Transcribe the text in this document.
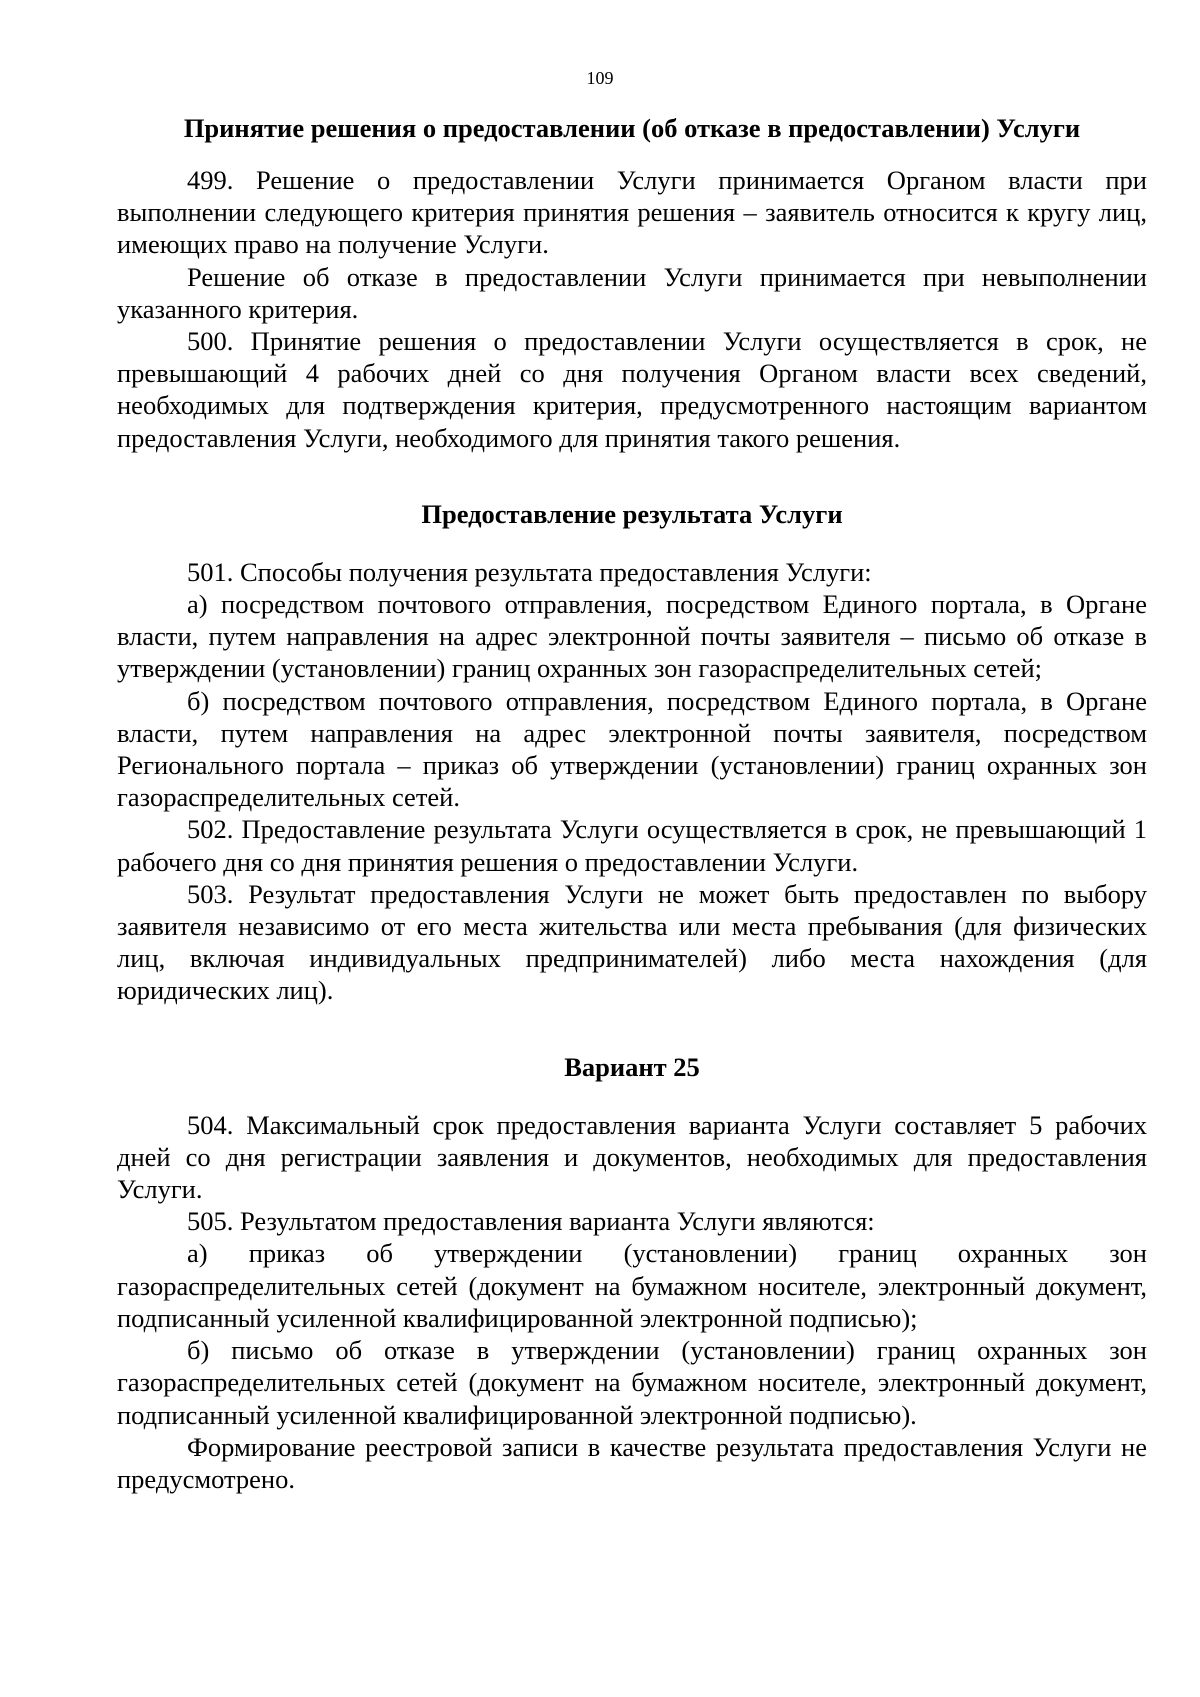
109
Принятие решения о предоставлении (об отказе в предоставлении) Услуги

499. Решение о предоставлении Услуги принимается Органом власти при выполнении следующего критерия принятия решения – заявитель относится к кругу лиц, имеющих право на получение Услуги.

Решение об отказе в предоставлении Услуги принимается при невыполнении указанного критерия.

500. Принятие решения о предоставлении Услуги осуществляется в срок, не превышающий 4 рабочих дней со дня получения Органом власти всех сведений, необходимых для подтверждения критерия, предусмотренного настоящим вариантом предоставления Услуги, необходимого для принятия такого решения.

Предоставление результата Услуги

501. Способы получения результата предоставления Услуги:

а) посредством почтового отправления, посредством Единого портала, в Органе власти, путем направления на адрес электронной почты заявителя – письмо об отказе в утверждении (установлении) границ охранных зон газораспределительных сетей;

б) посредством почтового отправления, посредством Единого портала, в Органе власти, путем направления на адрес электронной почты заявителя, посредством Регионального портала – приказ об утверждении (установлении) границ охранных зон газораспределительных сетей.

502. Предоставление результата Услуги осуществляется в срок, не превышающий 1 рабочего дня со дня принятия решения о предоставлении Услуги.

503. Результат предоставления Услуги не может быть предоставлен по выбору заявителя независимо от его места жительства или места пребывания (для физических лиц, включая индивидуальных предпринимателей) либо места нахождения (для юридических лиц).

Вариант 25

504. Максимальный срок предоставления варианта Услуги составляет 5 рабочих дней со дня регистрации заявления и документов, необходимых для предоставления Услуги.

505. Результатом предоставления варианта Услуги являются:

а) приказ об утверждении (установлении) границ охранных зон газораспределительных сетей (документ на бумажном носителе, электронный документ, подписанный усиленной квалифицированной электронной подписью);

б) письмо об отказе в утверждении (установлении) границ охранных зон газораспределительных сетей (документ на бумажном носителе, электронный документ, подписанный усиленной квалифицированной электронной подписью).

Формирование реестровой записи в качестве результата предоставления Услуги не предусмотрено.
